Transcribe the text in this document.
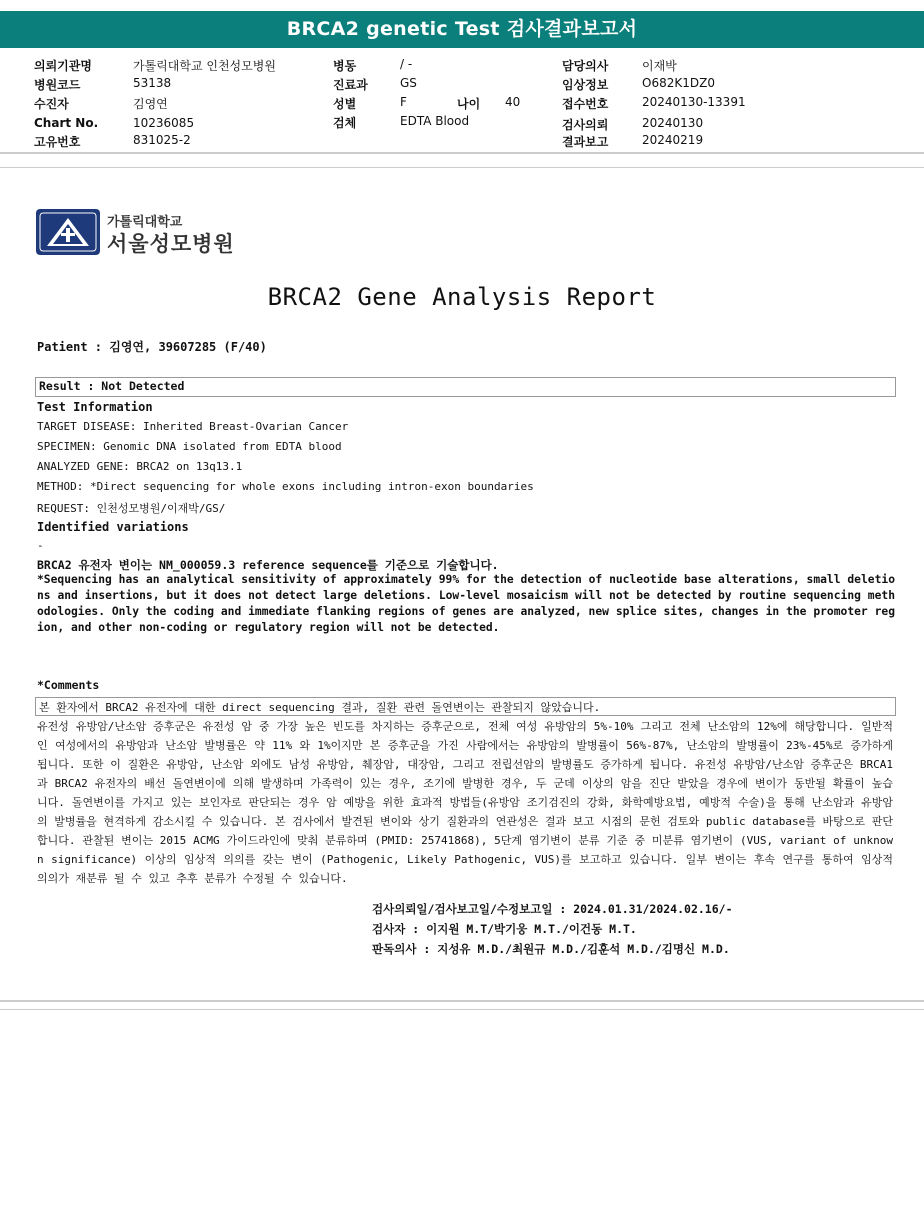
BRCA2 genetic Test 검사결과보고서
의뢰기관명	가톨릭대학교 인천성모병원
병원코드	53138
수진자	김영연
Chart No.	10236085
고유번호	831025-2
병동	/ -
진료과	GS
성별	F	나이 40
검체	EDTA Blood
담당의사	이재박
임상정보	O682K1DZ0
접수번호	20240130-13391
검사의뢰	20240130
결과보고	20240219
가톨릭대학교
서울성모병원
BRCA2 Gene Analysis Report
Patient : 김영연, 39607285 (F/40)
Result : Not Detected
Test Information
TARGET DISEASE: Inherited Breast-Ovarian Cancer
SPECIMEN: Genomic DNA isolated from EDTA blood
ANALYZED GENE: BRCA2 on 13q13.1
METHOD: *Direct sequencing for whole exons including intron-exon boundaries
REQUEST: 인천성모병원/이재박/GS/
Identified variations
-
BRCA2 유전자 변이는 NM_000059.3 reference sequence를 기준으로 기술합니다.
*Sequencing has an analytical sensitivity of approximately 99% for the detection of nucleotide base alterations, small deletions and insertions, but it does not detect large deletions. Low-level mosaicism will not be detected by routine sequencing methodologies. Only the coding and immediate flanking regions of genes are analyzed, new splice sites, changes in the promoter region, and other non-coding or regulatory region will not be detected.
*Comments
본 환자에서 BRCA2 유전자에 대한 direct sequencing 결과, 질환 관련 돌연변이는 관찰되지 않았습니다.
유전성 유방암/난소암 증후군은 유전성 암 중 가장 높은 빈도를 차지하는 증후군으로, 전체 여성 유방암의 5%-10% 그리고 전체 난소암의 12%에 해당합니다. 일반적인 여성에서의 유방암과 난소암 발병률은 약 11% 와 1%이지만 본 증후군을 가진 사람에서는 유방암의 발병률이 56%-87%, 난소암의 발병률이 23%-45%로 증가하게 됩니다. 또한 이 질환은 유방암, 난소암 외에도 남성 유방암, 췌장암, 대장암, 그리고 전립선암의 발병률도 증가하게 됩니다. 유전성 유방암/난소암 증후군은 BRCA1과 BRCA2 유전자의 배선 돌연변이에 의해 발생하며 가족력이 있는 경우, 조기에 발병한 경우, 두 군데 이상의 암을 진단 받았을 경우에 변이가 동반될 확률이 높습니다. 돌연변이를 가지고 있는 보인자로 판단되는 경우 암 예방을 위한 효과적 방법들(유방암 조기검진의 강화, 화학예방요법, 예방적 수술)을 통해 난소암과 유방암의 발병률을 현격하게 감소시킬 수 있습니다. 본 검사에서 발견된 변이와 상기 질환과의 연관성은 결과 보고 시점의 문헌 검토와 public database를 바탕으로 판단합니다. 관찰된 변이는 2015 ACMG 가이드라인에 맞춰 분류하며 (PMID: 25741868), 5단계 염기변이 분류 기준 중 미분류 염기변이 (VUS, variant of unknown significance) 이상의 임상적 의의를 갖는 변이 (Pathogenic, Likely Pathogenic, VUS)를 보고하고 있습니다. 일부 변이는 후속 연구를 통하여 임상적 의의가 재분류 될 수 있고 추후 분류가 수정될 수 있습니다.
검사의뢰일/검사보고일/수정보고일 : 2024.01.31/2024.02.16/-
검사자 : 이지원 M.T/박기웅 M.T./이건동 M.T.
판독의사 : 지성유 M.D./최원규 M.D./김훈석 M.D./김명신 M.D.
